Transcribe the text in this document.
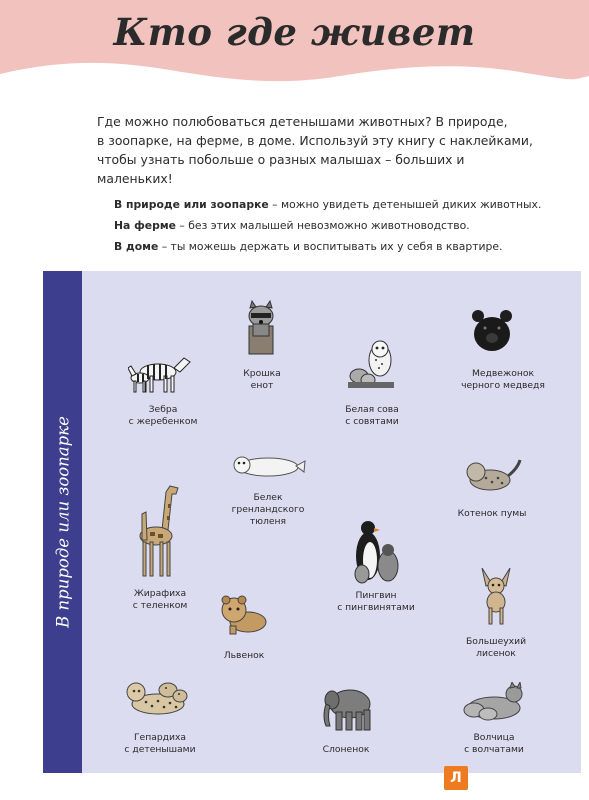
Кто где живет
Где можно полюбоваться детенышами животных? В природе,
в зоопарке, на ферме, в доме. Используй эту книгу с наклейками,
чтобы узнать побольше о разных малышах – больших и маленьких!
В природе или зоопарке – можно увидеть детенышей диких животных.
На ферме – без этих малышей невозможно животноводство.
В доме – ты можешь держать и воспитывать их у себя в квартире.
В природе или зоопарке
Зебра
с жеребенком
Крошка
енот
Белая сова
с совятами
Медвежонок
черного медведя
Белек
гренландского
тюленя
Котенок пумы
Жирафиха
с теленком
Пингвин
с пингвинятами
Львенок
Большеухий
лисенок
Гепардиха
с детенышами	Слоненок
Волчица
с волчатами
Л
